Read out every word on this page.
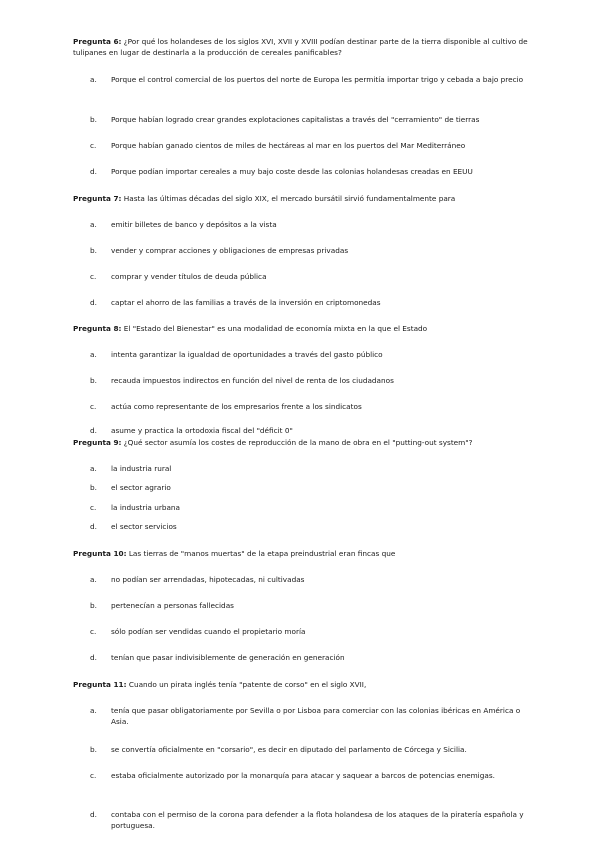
Pregunta 6: ¿Por qué los holandeses de los siglos XVI, XVII y XVIII podían destinar parte de la tierra disponible al cultivo de tulipanes en lugar de destinarla a la producción de cereales panificables?
a.	Porque el control comercial de los puertos del norte de Europa les permitía importar trigo y cebada a bajo precio
b.	Porque habían logrado crear grandes explotaciones capitalistas a través del "cerramiento" de tierras
c.	Porque habían ganado cientos de miles de hectáreas al mar en los puertos del Mar Mediterráneo
d.	Porque podían importar cereales a muy bajo coste desde las colonias holandesas creadas en EEUU
Pregunta 7: Hasta las últimas décadas del siglo XIX, el mercado bursátil sirvió fundamentalmente para
a.	emitir billetes de banco y depósitos a la vista
b.	vender y comprar acciones y obligaciones de empresas privadas
c.	comprar y vender títulos de deuda pública
d.	captar el ahorro de las familias a través de la inversión en criptomonedas
Pregunta 8: El "Estado del Bienestar" es una modalidad de economía mixta en la que el Estado
a.	intenta garantizar la igualdad de oportunidades a través del gasto público
b.	recauda impuestos indirectos en función del nivel de renta de los ciudadanos
c.	actúa como representante de los empresarios frente a los sindicatos
d.	asume y practica la ortodoxia fiscal del "déficit 0"
Pregunta 9: ¿Qué sector asumía los costes de reproducción de la mano de obra en el "putting-out system"?
a.	la industria rural
b.	el sector agrario
c.	la industria urbana
d.	el sector servicios
Pregunta 10: Las tierras de "manos muertas" de la etapa preindustrial eran fincas que
a.	no podían ser arrendadas, hipotecadas, ni cultivadas
b.	pertenecían a personas fallecidas
c.	sólo podían ser vendidas cuando el propietario moría
d.	tenían que pasar indivisiblemente de generación en generación
Pregunta 11: Cuando un pirata inglés tenía "patente de corso" en el siglo XVII,
a.	tenía que pasar obligatoriamente por Sevilla o por Lisboa para comerciar con las colonias ibéricas en América o Asia.
b.	se convertía oficialmente en "corsario", es decir en diputado del parlamento de Córcega y Sicilia.
c.	estaba oficialmente autorizado por la monarquía para atacar y saquear a barcos de potencias enemigas.
d.	contaba con el permiso de la corona para defender a la flota holandesa de los ataques de la piratería española y portuguesa.
